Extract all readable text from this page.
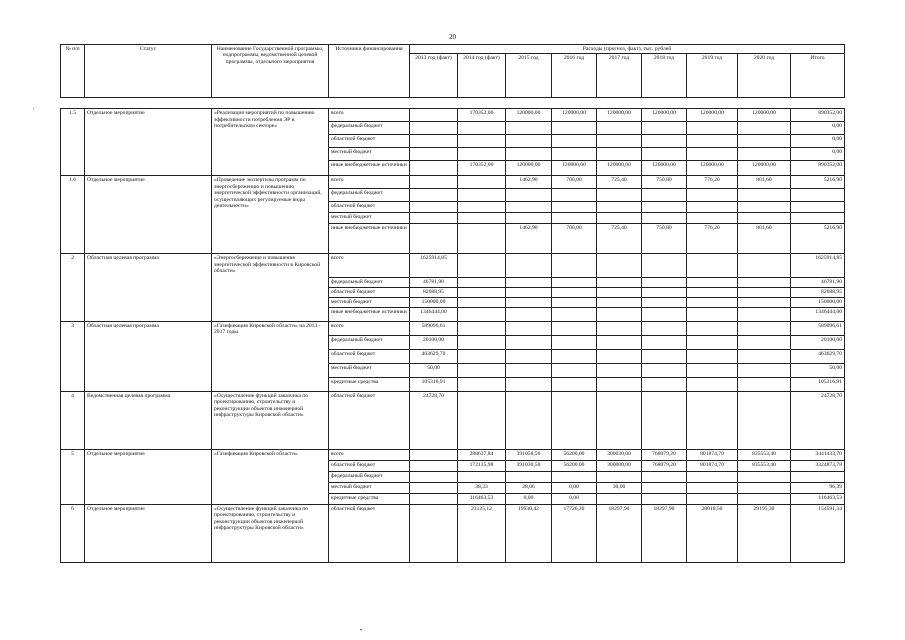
20
'
•
№ п/п	Статус	Наименование Государственной программы, подпрограммы, ведомственной целевой программы, отдельного мероприятия	Источники финансирования	Расходы (прогноз, факт), тыс. рублей								
				2013 год (факт)	2014 год (факт)	2015 год	2016 год	2017 год	2018 год	2019 год	2020 год	Итого

1.5	Отдельное мероприятие	«Реализация мероприятий по повышению эффективности потребления ЭР в потребительском секторе»	всего		170352,00	120000,00	120000,00	120000,00	120000,00	120000,00	120000,00	890352,00
			федеральный бюджет									0,00
			областной бюджет									0,00
			местный бюджет									0,00
			иные внебюджетные источники		170352,00	120000,00	120000,00	120000,00	120000,00	120000,00	120000,00	890352,00
1.6	Отдельное мероприятие	«Проведение экспертизы программ по энергосбережению и повышению энергетической эффективности организаций, осуществляющих регулируемые виды деятельности»	всего			1462,90	700,00	725,40	750,80	776,20	801,60	5216,90
			федеральный бюджет									
			областной бюджет									
			местный бюджет									
			иные внебюджетные источники			1462,90	700,00	725,40	750,80	776,20	801,60	5216,90
2	Областная целевая программа	«Энергосбережение и повышение энергетической эффективности в Кировской области»	всего	1625914,85								1625914,85
			федеральный бюджет	46781,90								46781,90
			областной бюджет	82688,95								82688,95
			местный бюджет	150000,00								150000,00
			иные внебюджетные источники	1346444,00								1346444,00
3	Областная целевая программа	«Газификация Кировской области» на 2013 - 2017 годы	всего	589096,61								589096,61
			федеральный бюджет	20100,00								20100,00
			областной бюджет	463629,70								463629,70
			местный бюджет	50,00								50,00
			кредитные средства	105316,91								105316,91
4	Ведомственная целевая программа	«Осуществление функций заказчика по проектированию, строительству и реконструкции объектов инженерной инфраструктуры Кировской области»	областной бюджет	24728,70								24728,70
5	Отдельное мероприятие	«Газификация Кировской области»	всего		288637,84	391058,56	56200,00	300030,00	768079,20	801874,70	835553,40	3441433,70
			областной бюджет		172135,98	391030,50	56200,00	300000,00	768079,20	801874,70	835553,40	3324873,78
			федеральный бюджет									
			местный бюджет		38,33	28,06	0,00	30,00				96,39
			кредитные средства		116463,53	0,00	0,00					116463,53
6	Отдельное мероприятие	«Осуществление функций заказчика по проектированию, строительству и реконструкции объектов инженерной инфраструктуры Кировской области»	областной бюджет		23125,12	19930,42	17726,20	18297,90	18297,90	28018,50	29195,30	154591,34
